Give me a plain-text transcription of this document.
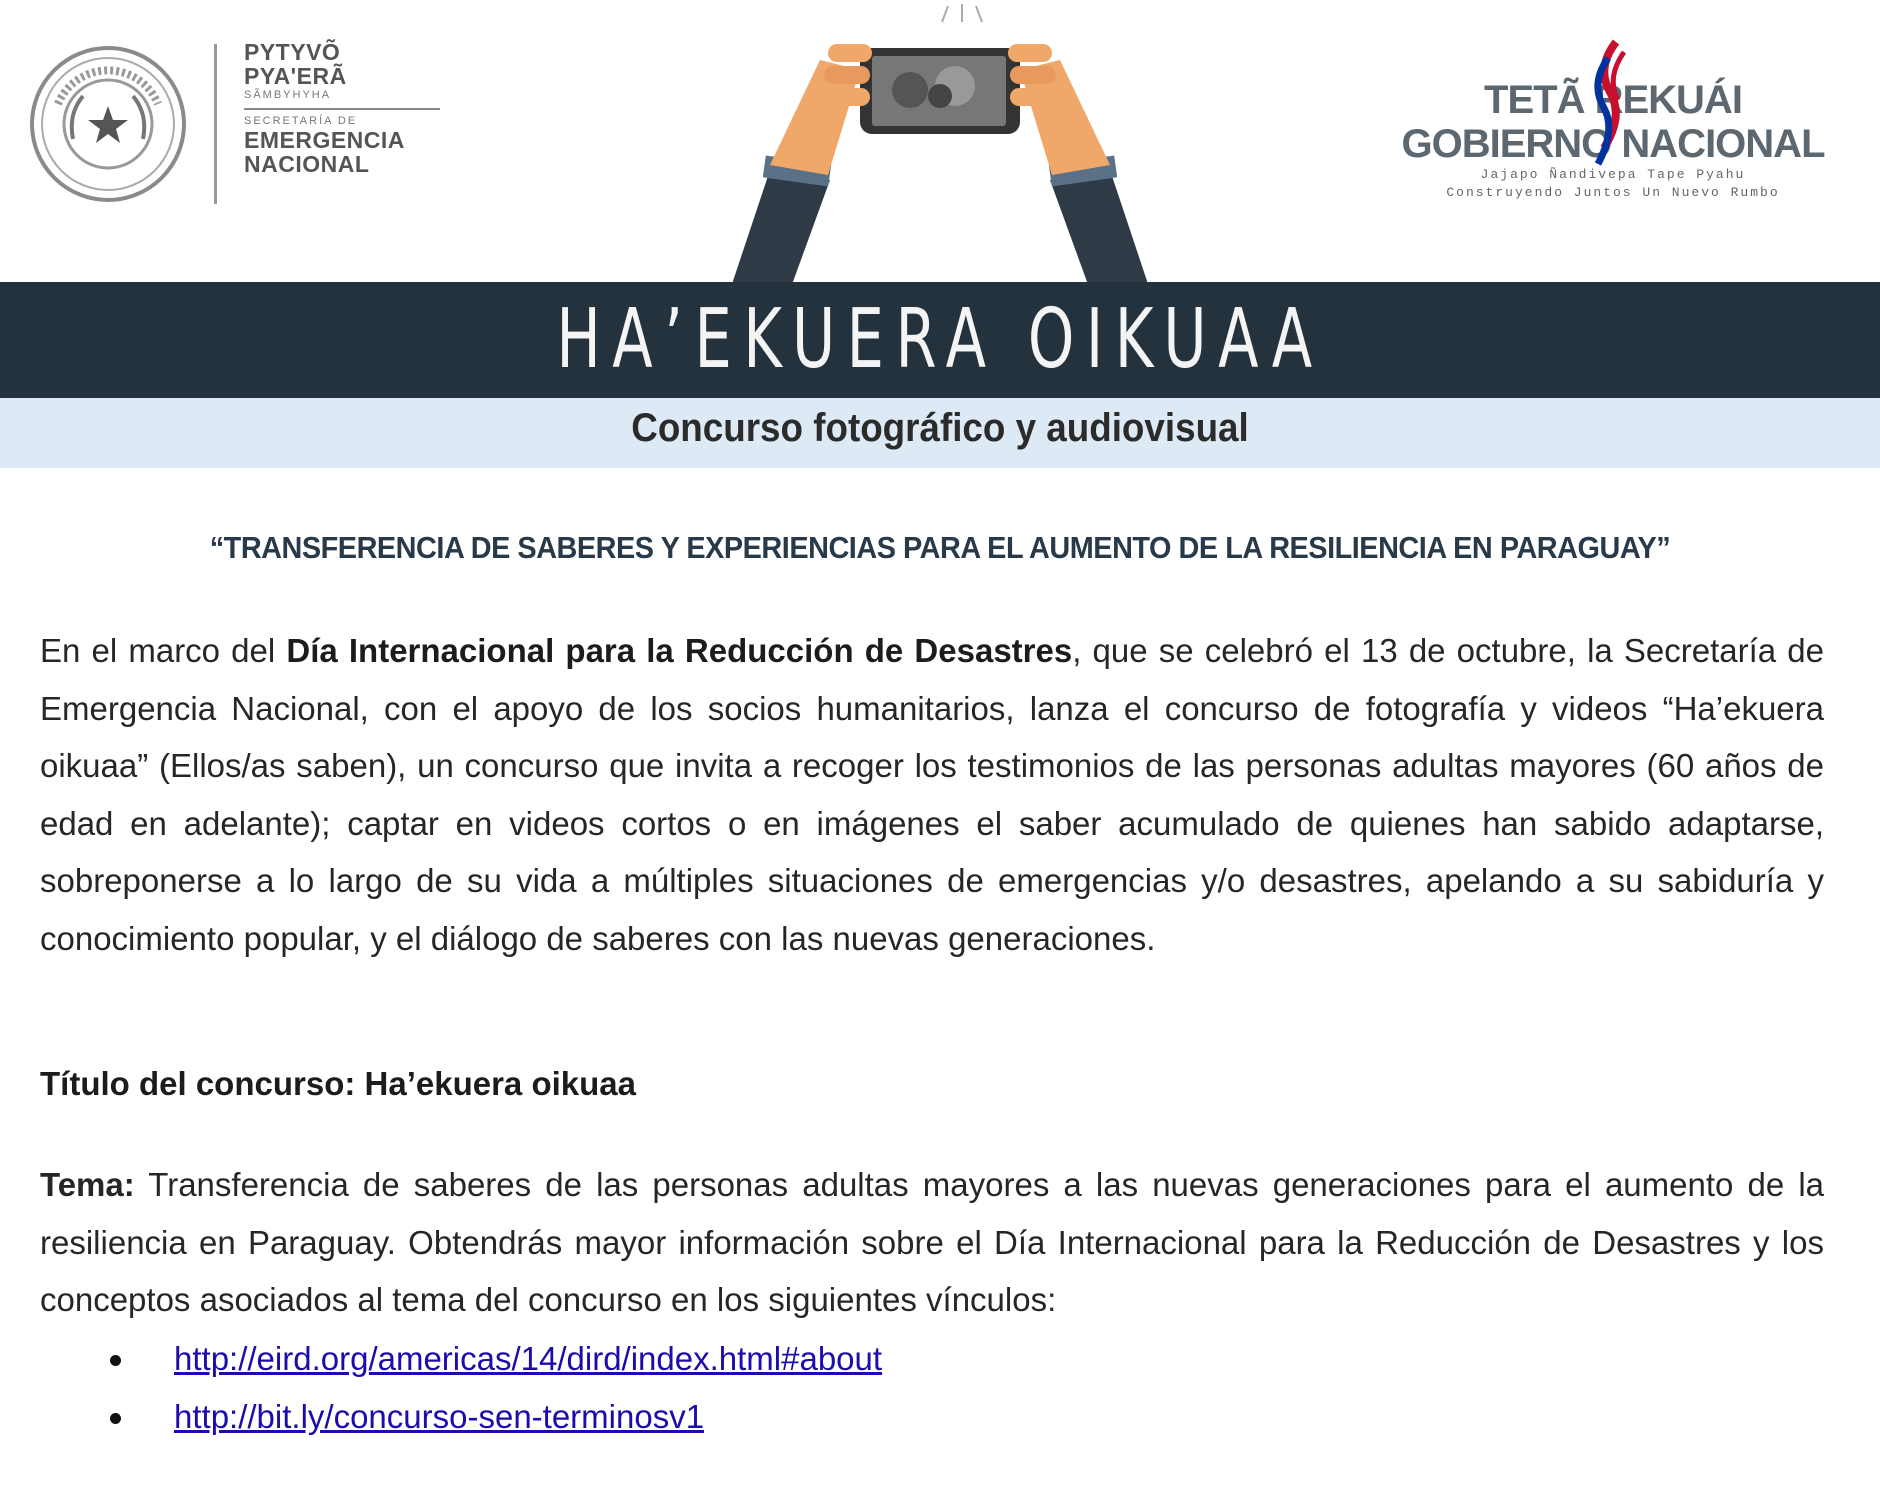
PYTYVÕ
PYA'ERÃ
SÃMBYHYHA
SECRETARÍA DE
EMERGENCIA
NACIONAL
TETÃ REKUÁI
GOBIERNO NACIONAL
Jajapo Ñandivepa Tape Pyahu
Construyendo Juntos Un Nuevo Rumbo
HA’EKUERA OIKUAA
Concurso fotográfico y audiovisual
“TRANSFERENCIA DE SABERES Y EXPERIENCIAS PARA EL AUMENTO DE LA RESILIENCIA EN PARAGUAY”
En el marco del Día Internacional para la Reducción de Desastres, que se celebró el 13 de octubre, la Secretaría de Emergencia Nacional, con el apoyo de los socios humanitarios, lanza el concurso de fotografía y videos “Ha’ekuera oikuaa” (Ellos/as saben), un concurso que invita a recoger los testimonios de las personas adultas mayores (60 años de edad en adelante); captar en videos cortos o en imágenes el saber acumulado de quienes han sabido adaptarse, sobreponerse a lo largo de su vida a múltiples situaciones de emergencias y/o desastres, apelando a su sabiduría y conocimiento popular, y el diálogo de saberes con las nuevas generaciones.
Título del concurso: Ha’ekuera oikuaa
Tema: Transferencia de saberes de las personas adultas mayores a las nuevas generaciones para el aumento de la resiliencia en Paraguay. Obtendrás mayor información sobre el Día Internacional para la Reducción de Desastres y los conceptos asociados al tema del concurso en los siguientes vínculos:
http://eird.org/americas/14/dird/index.html#about
http://bit.ly/concurso-sen-terminosv1
